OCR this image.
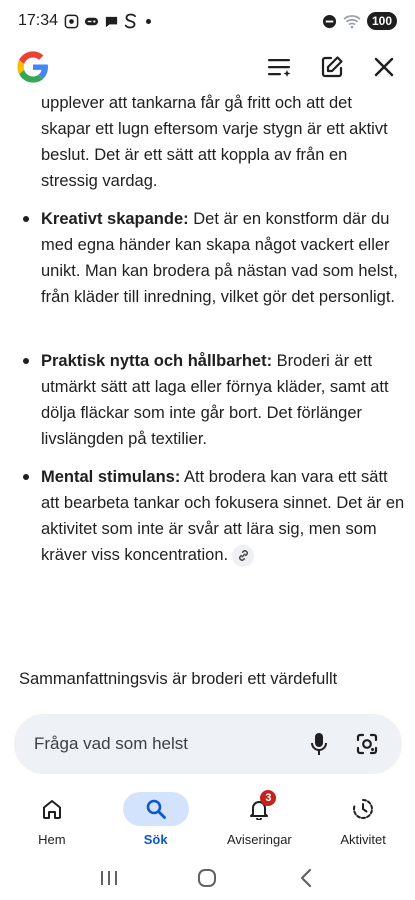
17:34	100

upplever att tankarna får gå fritt och att det skapar ett lugn eftersom varje stygn är ett aktivt beslut. Det är ett sätt att koppla av från en stressig vardag.

Kreativt skapande: Det är en konstform där du med egna händer kan skapa något vackert eller unikt. Man kan brodera på nästan vad som helst, från kläder till inredning, vilket gör det personligt.

Praktisk nytta och hållbarhet: Broderi är ett utmärkt sätt att laga eller förnya kläder, samt att dölja fläckar som inte går bort. Det förlänger livslängden på textilier.

Mental stimulans: Att brodera kan vara ett sätt att bearbeta tankar och fokusera sinnet. Det är en aktivitet som inte är svår att lära sig, men som kräver viss koncentration.

Sammanfattningsvis är broderi ett värdefullt

Fråga vad som helst
Hem	Sök
3
Aviseringar	Aktivitet
